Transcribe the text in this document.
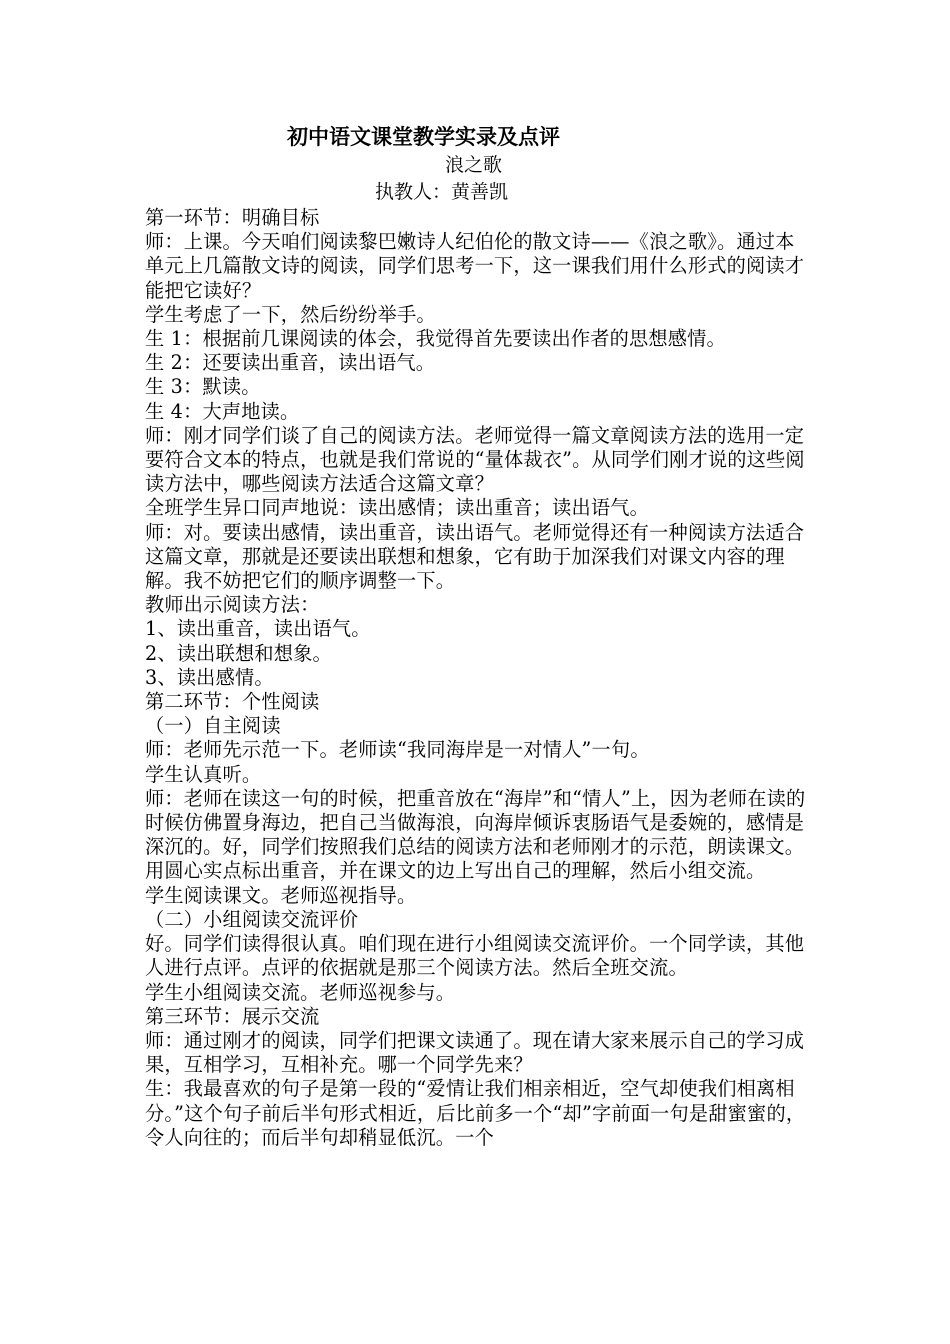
初中语文课堂教学实录及点评
浪之歌
执教人：黄善凯

第一环节：明确目标

师：上课。今天咱们阅读黎巴嫩诗人纪伯伦的散文诗——《浪之歌》。通过本单元上几篇散文诗的阅读，同学们思考一下，这一课我们用什么形式的阅读才能把它读好？

学生考虑了一下，然后纷纷举手。

生 1：根据前几课阅读的体会，我觉得首先要读出作者的思想感情。

生 2：还要读出重音，读出语气。

生 3：默读。

生 4：大声地读。

师：刚才同学们谈了自己的阅读方法。老师觉得一篇文章阅读方法的选用一定要符合文本的特点，也就是我们常说的“量体裁衣”。从同学们刚才说的这些阅读方法中，哪些阅读方法适合这篇文章？

全班学生异口同声地说：读出感情；读出重音；读出语气。

师：对。要读出感情，读出重音，读出语气。老师觉得还有一种阅读方法适合这篇文章，那就是还要读出联想和想象，它有助于加深我们对课文内容的理解。我不妨把它们的顺序调整一下。

教师出示阅读方法：

1、读出重音，读出语气。

2、读出联想和想象。

3、读出感情。

第二环节：个性阅读

（一）自主阅读

师：老师先示范一下。老师读“我同海岸是一对情人”一句。

学生认真听。

师：老师在读这一句的时候，把重音放在“海岸”和“情人”上，因为老师在读的时候仿佛置身海边，把自己当做海浪，向海岸倾诉衷肠语气是委婉的，感情是深沉的。好，同学们按照我们总结的阅读方法和老师刚才的示范，朗读课文。用圆心实点标出重音，并在课文的边上写出自己的理解，然后小组交流。

学生阅读课文。老师巡视指导。

（二）小组阅读交流评价

好。同学们读得很认真。咱们现在进行小组阅读交流评价。一个同学读，其他人进行点评。点评的依据就是那三个阅读方法。然后全班交流。

学生小组阅读交流。老师巡视参与。

第三环节：展示交流

师：通过刚才的阅读，同学们把课文读通了。现在请大家来展示自己的学习成果，互相学习，互相补充。哪一个同学先来？

生：我最喜欢的句子是第一段的“爱情让我们相亲相近，空气却使我们相离相分。”这个句子前后半句形式相近，后比前多一个“却”字前面一句是甜蜜蜜的，令人向往的；而后半句却稍显低沉。一个
